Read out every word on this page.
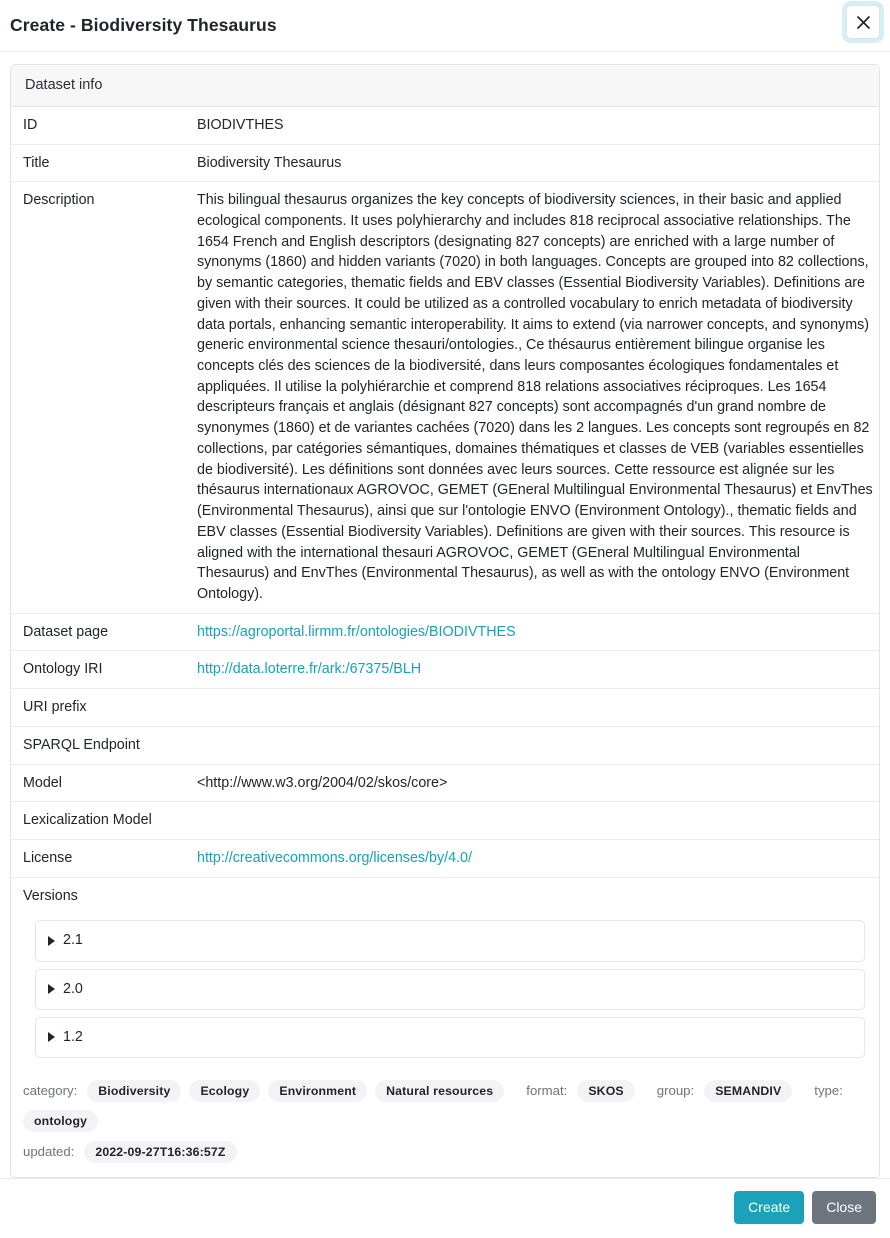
Create - Biodiversity Thesaurus
Dataset info
ID	BIODIVTHES
Title	Biodiversity Thesaurus
Description	This bilingual thesaurus organizes the key concepts of biodiversity sciences, in their basic and applied ecological components. It uses polyhierarchy and includes 818 reciprocal associative relationships. The 1654 French and English descriptors (designating 827 concepts) are enriched with a large number of synonyms (1860) and hidden variants (7020) in both languages. Concepts are grouped into 82 collections, by semantic categories, thematic fields and EBV classes (Essential Biodiversity Variables). Definitions are given with their sources. It could be utilized as a controlled vocabulary to enrich metadata of biodiversity data portals, enhancing semantic interoperability. It aims to extend (via narrower concepts, and synonyms) generic environmental science thesauri/ontologies., Ce thésaurus entièrement bilingue organise les concepts clés des sciences de la biodiversité, dans leurs composantes écologiques fondamentales et appliquées. Il utilise la polyhiérarchie et comprend 818 relations associatives réciproques. Les 1654 descripteurs français et anglais (désignant 827 concepts) sont accompagnés d'un grand nombre de synonymes (1860) et de variantes cachées (7020) dans les 2 langues. Les concepts sont regroupés en 82 collections, par catégories sémantiques, domaines thématiques et classes de VEB (variables essentielles de biodiversité). Les définitions sont données avec leurs sources. Cette ressource est alignée sur les thésaurus internationaux AGROVOC, GEMET (GEneral Multilingual Environmental Thesaurus) et EnvThes (Environmental Thesaurus), ainsi que sur l'ontologie ENVO (Environment Ontology)., thematic fields and EBV classes (Essential Biodiversity Variables). Definitions are given with their sources. This resource is aligned with the international thesauri AGROVOC, GEMET (GEneral Multilingual Environmental Thesaurus) and EnvThes (Environmental Thesaurus), as well as with the ontology ENVO (Environment Ontology).
Dataset page	https://agroportal.lirmm.fr/ontologies/BIODIVTHES
Ontology IRI	http://data.loterre.fr/ark:/67375/BLH
URI prefix	
SPARQL Endpoint	
Model	<http://www.w3.org/2004/02/skos/core>
Lexicalization Model	
License	http://creativecommons.org/licenses/by/4.0/
Versions	
2.1
2.0
1.2
category:	Biodiversity	Ecology	Environment	Natural resources	format:	SKOS	group:	SEMANDIV	type:
ontology
updated:	2022-09-27T16:36:57Z
Create	Close
